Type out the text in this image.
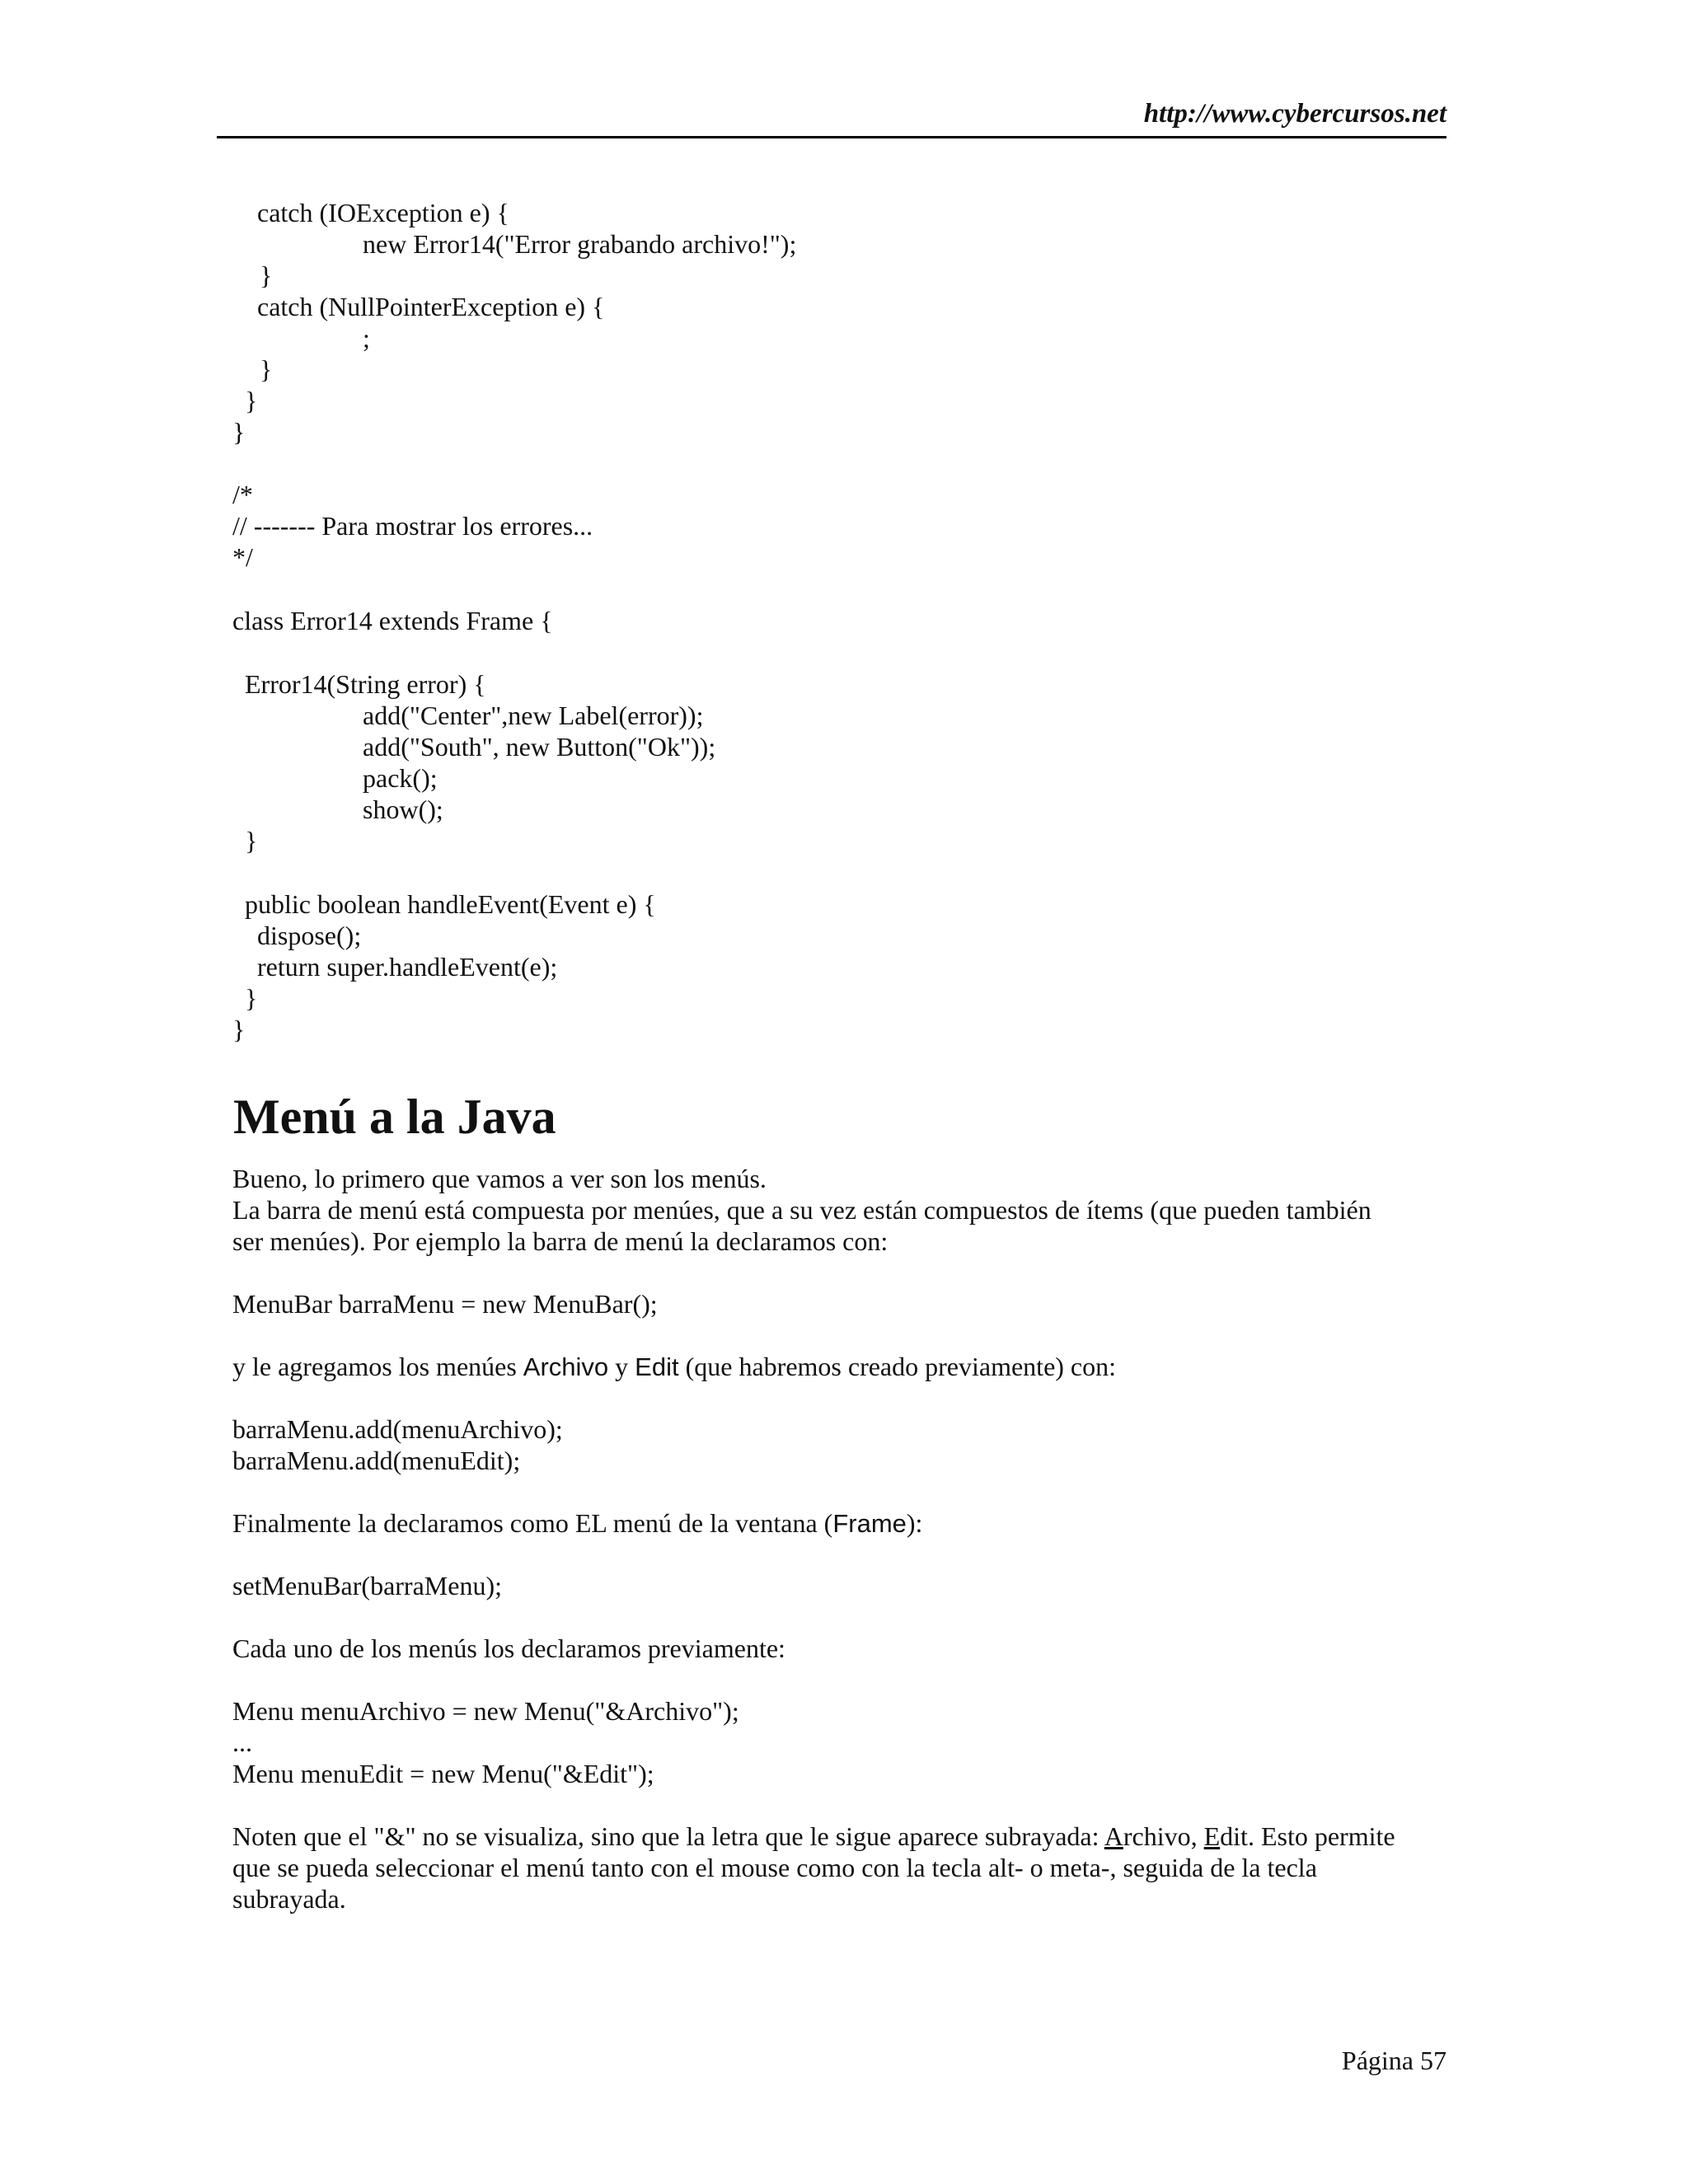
http://www.cybercursos.net
catch (IOException e) {
new Error14("Error grabando archivo!");
}
catch (NullPointerException e) {
;
}
}
}
/*
// ------- Para mostrar los errores...
*/
class Error14 extends Frame {
Error14(String error) {
add("Center",new Label(error));
add("South", new Button("Ok"));
pack();
show();
}
public boolean handleEvent(Event e) {
dispose();
return super.handleEvent(e);
}
}
Menú a la Java
Bueno, lo primero que vamos a ver son los menús.
La barra de menú está compuesta por menúes, que a su vez están compuestos de ítems (que pueden también
ser menúes). Por ejemplo la barra de menú la declaramos con:
MenuBar barraMenu = new MenuBar();
y le agregamos los menúes Archivo y Edit (que habremos creado previamente) con:
barraMenu.add(menuArchivo);
barraMenu.add(menuEdit);
Finalmente la declaramos como EL menú de la ventana (Frame):
setMenuBar(barraMenu);
Cada uno de los menús los declaramos previamente:
Menu menuArchivo = new Menu("&Archivo");
...
Menu menuEdit = new Menu("&Edit");
Noten que el "&" no se visualiza, sino que la letra que le sigue aparece subrayada: Archivo, Edit. Esto permite
que se pueda seleccionar el menú tanto con el mouse como con la tecla alt- o meta-, seguida de la tecla
subrayada.
Página 57
